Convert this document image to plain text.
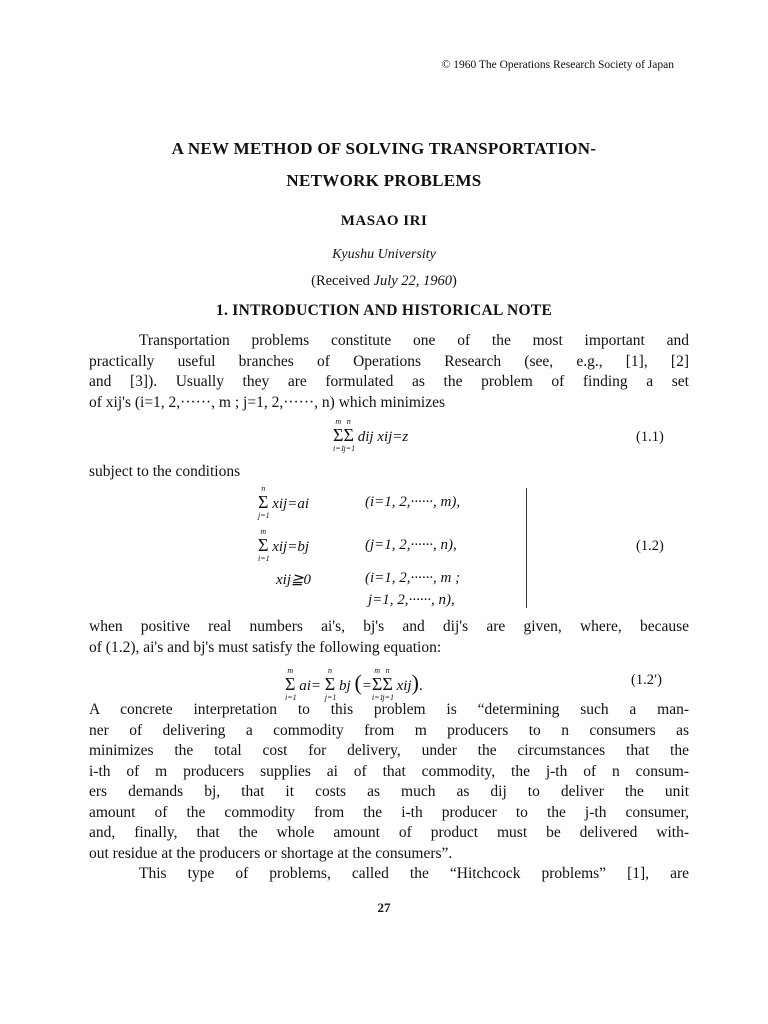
© 1960 The Operations Research Society of Japan
A NEW METHOD OF SOLVING TRANSPORTATION-
NETWORK PROBLEMS
MASAO IRI
Kyushu University
(Received July 22, 1960)
1. INTRODUCTION AND HISTORICAL NOTE
Transportation problems constitute one of the most important and
practically useful branches of Operations Research (see, e.g., [1], [2]
and [3]). Usually they are formulated as the problem of finding a set
of xij's (i=1, 2,······, m ; j=1, 2,······, n) which minimizes
Σ
m
i=1
Σ
n
j=1
dij xij=z	(1.1)
subject to the conditions
Σ
n
j=1
xij=ai	(i=1, 2,······, m),
Σ
m
i=1
xij=bj	(j=1, 2,······, n),
xij≧0	(i=1, 2,······, m ;
j=1, 2,······, n),
(1.2)
when positive real numbers ai's, bj's and dij's are given, where, because
of (1.2), ai's and bj's must satisfy the following equation:
Σ
m
i=1
ai= Σ
n
j=1
bj (=Σ
m
i=1
Σ
n
j=1
xij).	(1.2′)
A concrete interpretation to this problem is “determining such a man-
ner of delivering a commodity from m producers to n consumers as
minimizes the total cost for delivery, under the circumstances that the
i-th of m producers supplies ai of that commodity, the j-th of n consum-
ers demands bj, that it costs as much as dij to deliver the unit
amount of the commodity from the i-th producer to the j-th consumer,
and, finally, that the whole amount of product must be delivered with-
out residue at the producers or shortage at the consumers”.
This type of problems, called the “Hitchcock problems” [1], are
27
